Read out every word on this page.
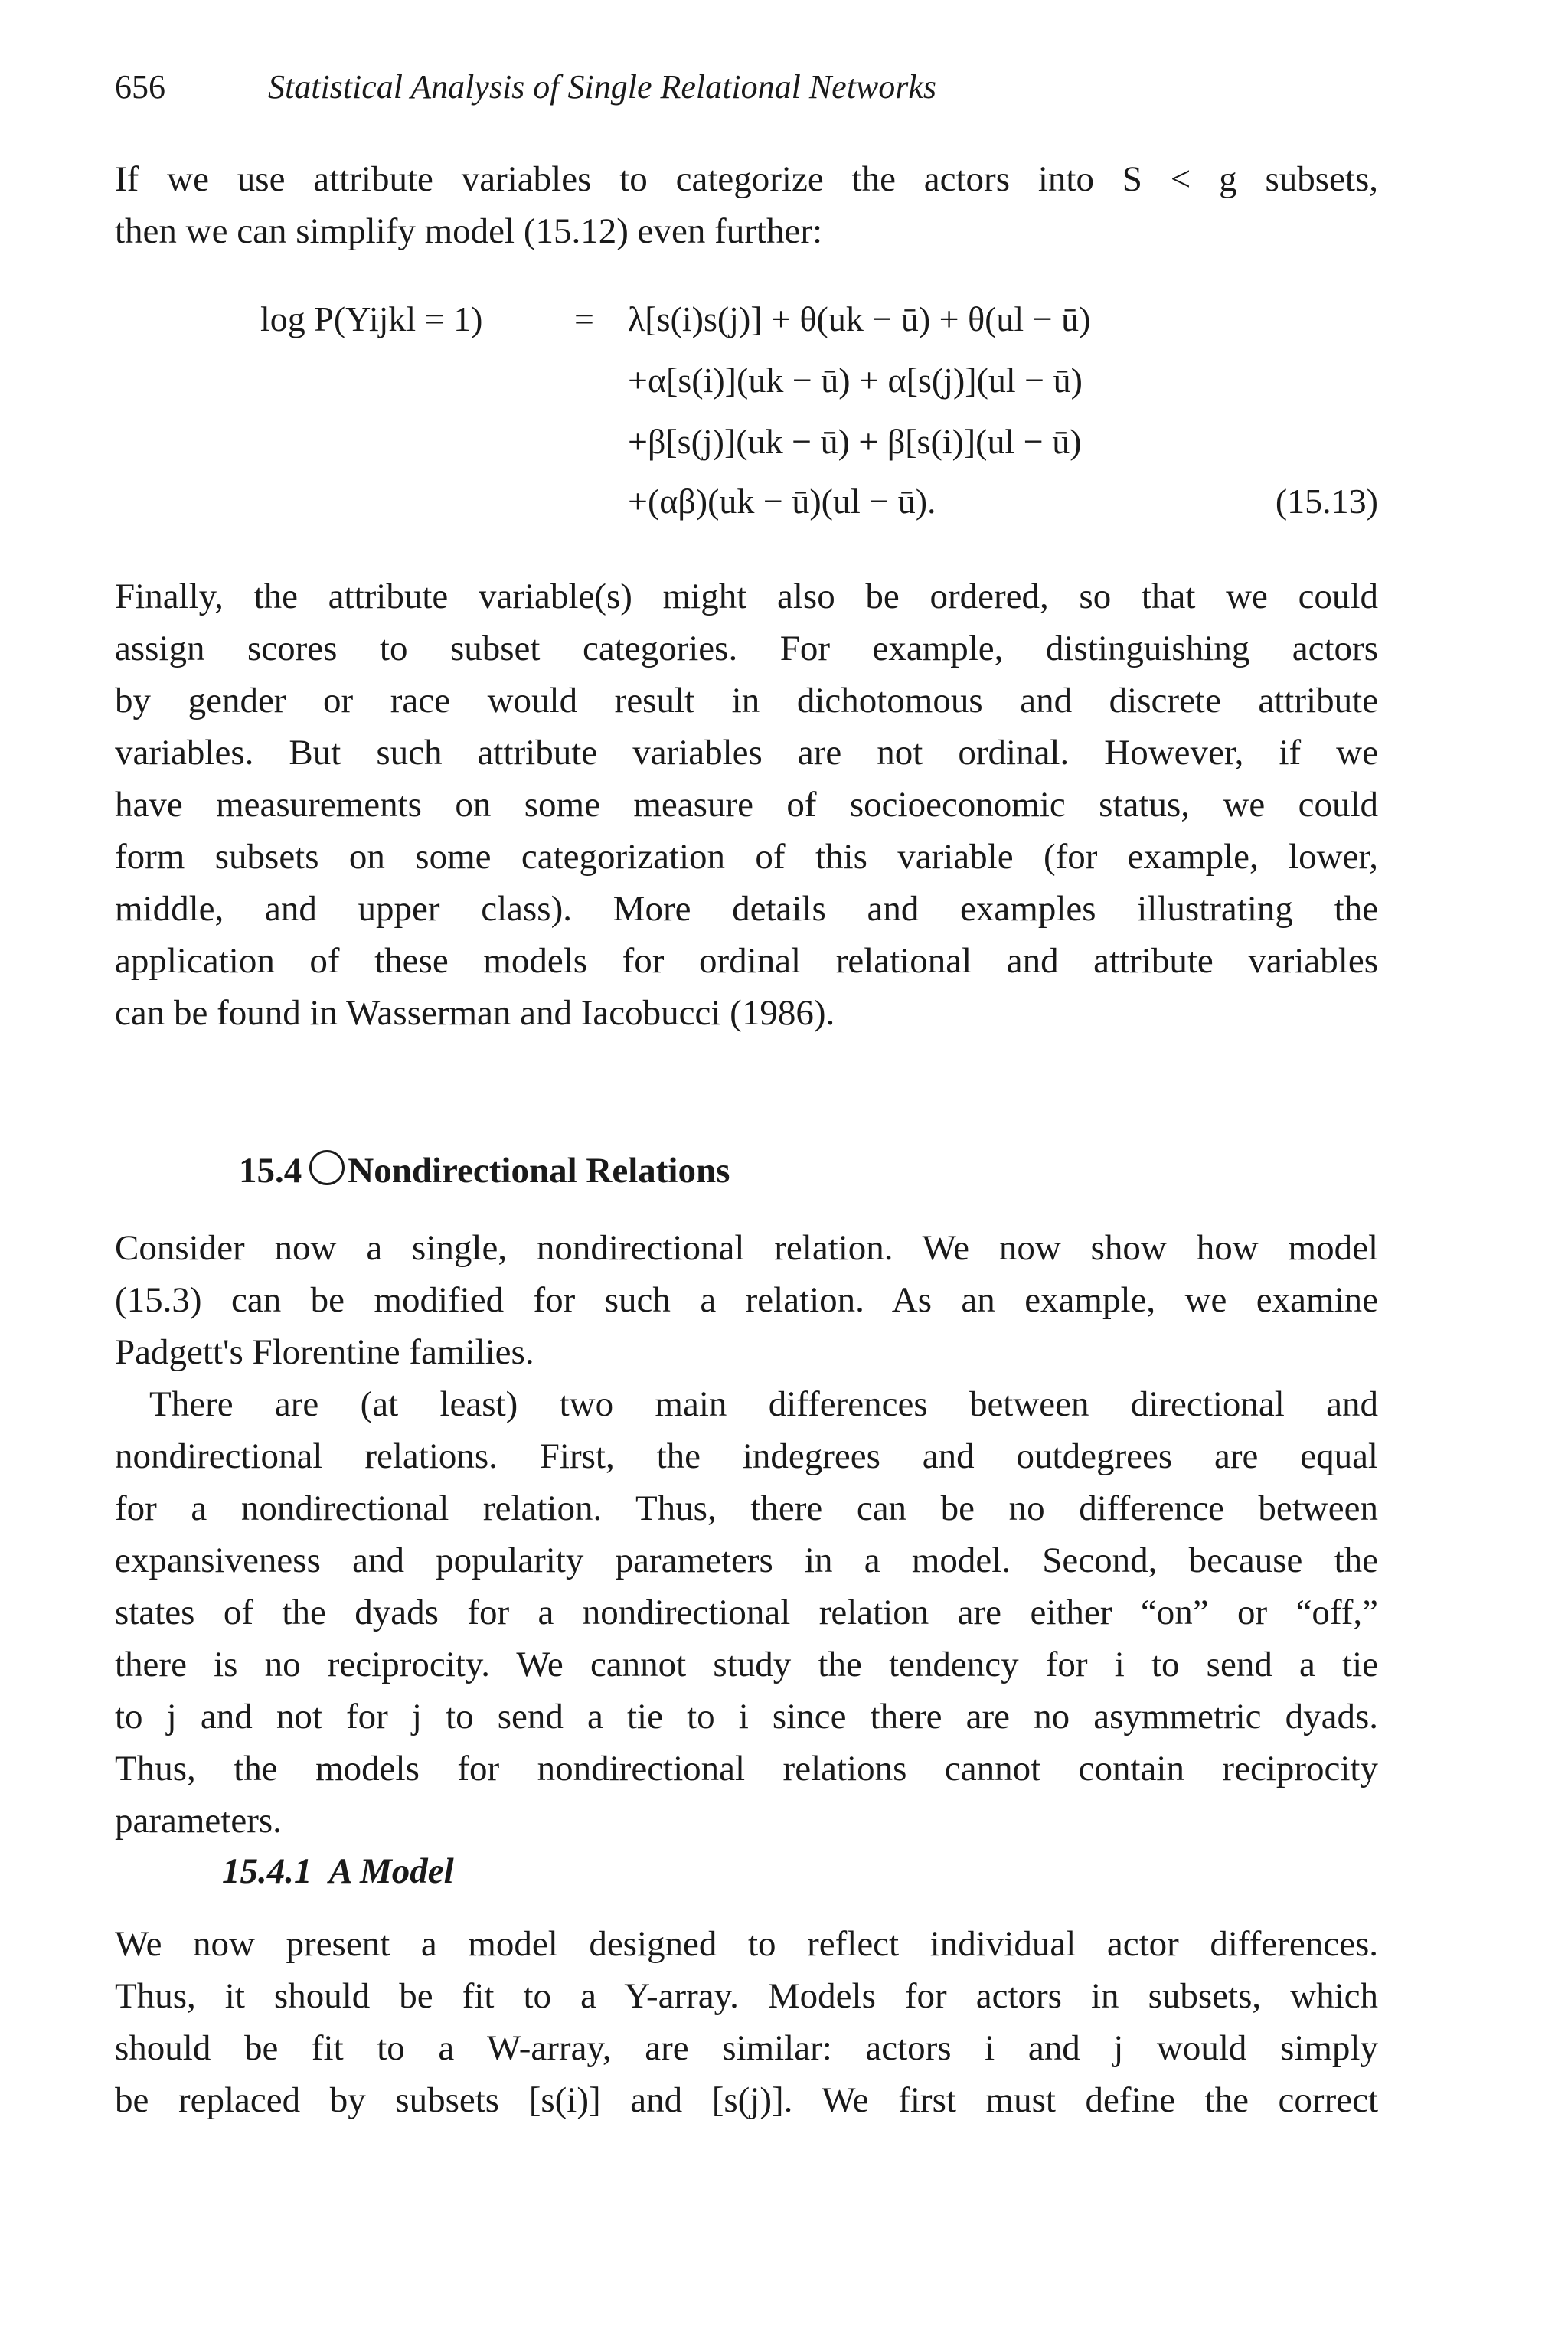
656	Statistical Analysis of Single Relational Networks

If we use attribute variables to categorize the actors into S < g subsets,
then we can simplify model (15.12) even further:

log P(Yijkl = 1)	= λ[s(i)s(j)] + θ(uk − ū) + θ(ul − ū)
+α[s(i)](uk − ū) + α[s(j)](ul − ū)
+β[s(j)](uk − ū) + β[s(i)](ul − ū)
+(αβ)(uk − ū)(ul − ū).	(15.13)

Finally, the attribute variable(s) might also be ordered, so that we could
assign scores to subset categories. For example, distinguishing actors
by gender or race would result in dichotomous and discrete attribute
variables. But such attribute variables are not ordinal. However, if we
have measurements on some measure of socioeconomic status, we could
form subsets on some categorization of this variable (for example, lower,
middle, and upper class). More details and examples illustrating the
application of these models for ordinal relational and attribute variables
can be found in Wasserman and Iacobucci (1986).

15.4 Nondirectional Relations

Consider now a single, nondirectional relation. We now show how model
(15.3) can be modified for such a relation. As an example, we examine
Padgett's Florentine families.

There are (at least) two main differences between directional and
nondirectional relations. First, the indegrees and outdegrees are equal
for a nondirectional relation. Thus, there can be no difference between
expansiveness and popularity parameters in a model. Second, because the
states of the dyads for a nondirectional relation are either “on” or “off,”
there is no reciprocity. We cannot study the tendency for i to send a tie
to j and not for j to send a tie to i since there are no asymmetric dyads.
Thus, the models for nondirectional relations cannot contain reciprocity
parameters.

15.4.1 A Model

We now present a model designed to reflect individual actor differences.
Thus, it should be fit to a Y-array. Models for actors in subsets, which
should be fit to a W-array, are similar: actors i and j would simply
be replaced by subsets [s(i)] and [s(j)]. We first must define the correct
